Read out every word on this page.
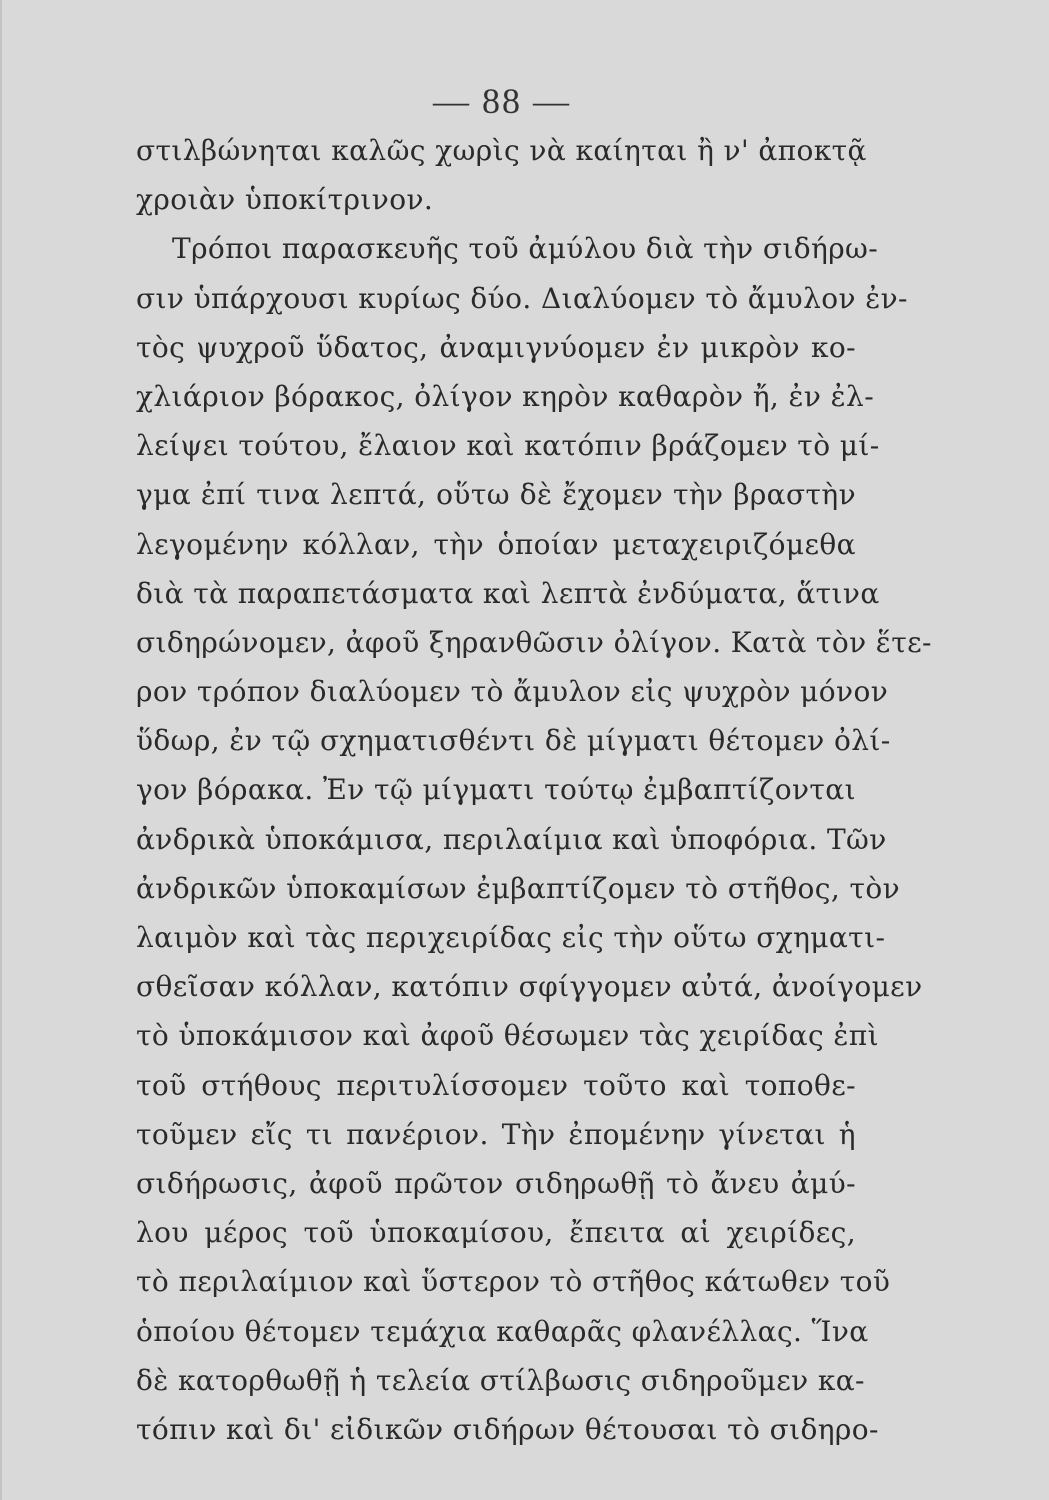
— 88 —
στιλβώνηται καλῶς χωρὶς νὰ καίηται ἢ ν' ἀποκτᾷ
χροιὰν ὑποκίτρινον.
Τρόποι παρασκευῆς τοῦ ἀμύλου διὰ τὴν σιδήρω-
σιν ὑπάρχουσι κυρίως δύο. Διαλύομεν τὸ ἄμυλον ἐν-
τὸς ψυχροῦ ὕδατος, ἀναμιγνύομεν ἐν μικρὸν κο-
χλιάριον βόρακος, ὀλίγον κηρὸν καθαρὸν ἤ, ἐν ἐλ-
λείψει τούτου, ἔλαιον καὶ κατόπιν βράζομεν τὸ μί-
γμα ἐπί τινα λεπτά, οὕτω δὲ ἔχομεν τὴν βραστὴν
λεγομένην κόλλαν, τὴν ὁποίαν μεταχειριζόμεθα
διὰ τὰ παραπετάσματα καὶ λεπτὰ ἐνδύματα, ἅτινα
σιδηρώνομεν, ἀφοῦ ξηρανθῶσιν ὀλίγον. Κατὰ τὸν ἕτε-
ρον τρόπον διαλύομεν τὸ ἄμυλον εἰς ψυχρὸν μόνον
ὕδωρ, ἐν τῷ σχηματισθέντι δὲ μίγματι θέτομεν ὀλί-
γον βόρακα. Ἐν τῷ μίγματι τούτῳ ἐμβαπτίζονται
ἀνδρικὰ ὑποκάμισα, περιλαίμια καὶ ὑποφόρια. Τῶν
ἀνδρικῶν ὑποκαμίσων ἐμβαπτίζομεν τὸ στῆθος, τὸν
λαιμὸν καὶ τὰς περιχειρίδας εἰς τὴν οὕτω σχηματι-
σθεῖσαν κόλλαν, κατόπιν σφίγγομεν αὐτά, ἀνοίγομεν
τὸ ὑποκάμισον καὶ ἀφοῦ θέσωμεν τὰς χειρίδας ἐπὶ
τοῦ στήθους περιτυλίσσομεν τοῦτο καὶ τοποθε-
τοῦμεν εἴς τι πανέριον. Τὴν ἐπομένην γίνεται ἡ
σιδήρωσις, ἀφοῦ πρῶτον σιδηρωθῇ τὸ ἄνευ ἀμύ-
λου μέρος τοῦ ὑποκαμίσου, ἔπειτα αἱ χειρίδες,
τὸ περιλαίμιον καὶ ὕστερον τὸ στῆθος κάτωθεν τοῦ
ὁποίου θέτομεν τεμάχια καθαρᾶς φλανέλλας. Ἵνα
δὲ κατορθωθῇ ἡ τελεία στίλβωσις σιδηροῦμεν κα-
τόπιν καὶ δι' εἰδικῶν σιδήρων θέτουσαι τὸ σιδηρο-
